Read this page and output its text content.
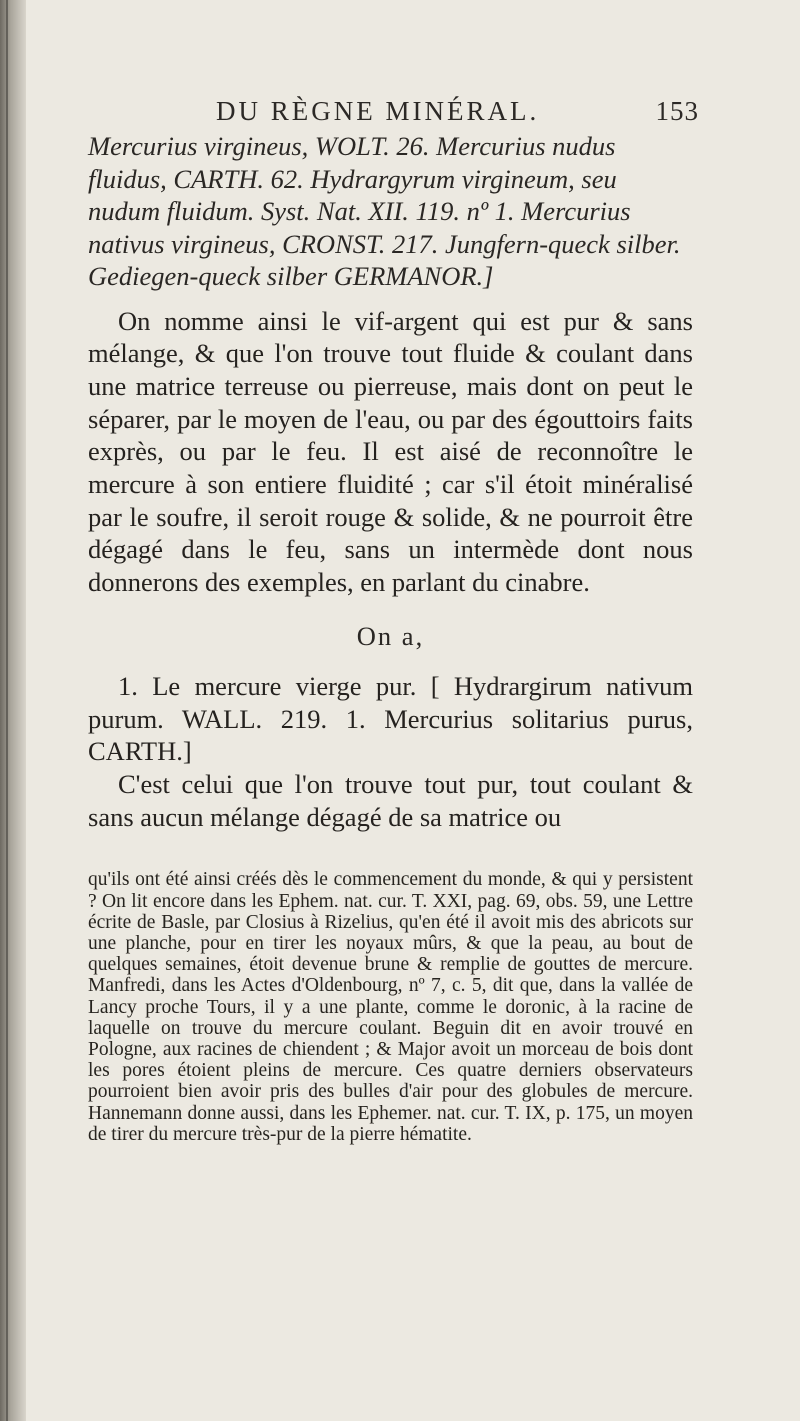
DU RÈGNE MINÉRAL.	153

Mercurius virgineus, WOLT. 26. Mercurius nudus fluidus, CARTH. 62. Hydrargyrum virgineum, seu nudum fluidum. Syst. Nat. XII. 119. nº 1. Mercurius nativus virgineus, CRONST. 217. Jungfern-queck silber. Gediegen-queck silber GERMANOR.]

On nomme ainsi le vif-argent qui est pur & sans mélange, & que l'on trouve tout fluide & coulant dans une matrice terreuse ou pierreuse, mais dont on peut le séparer, par le moyen de l'eau, ou par des égouttoirs faits exprès, ou par le feu. Il est aisé de reconnoître le mercure à son entiere fluidité ; car s'il étoit minéralisé par le soufre, il seroit rouge & solide, & ne pourroit être dégagé dans le feu, sans un intermède dont nous donnerons des exemples, en parlant du cinabre.

On a,

1. Le mercure vierge pur. [ Hydrargirum nativum purum. WALL. 219. 1. Mercurius solitarius purus, CARTH.]

C'est celui que l'on trouve tout pur, tout coulant & sans aucun mélange dégagé de sa matrice ou

qu'ils ont été ainsi créés dès le commencement du monde, & qui y persistent ? On lit encore dans les Ephem. nat. cur. T. XXI, pag. 69, obs. 59, une Lettre écrite de Basle, par Closius à Rizelius, qu'en été il avoit mis des abricots sur une planche, pour en tirer les noyaux mûrs, & que la peau, au bout de quelques semaines, étoit devenue brune & remplie de gouttes de mercure. Manfredi, dans les Actes d'Oldenbourg, nº 7, c. 5, dit que, dans la vallée de Lancy proche Tours, il y a une plante, comme le doronic, à la racine de laquelle on trouve du mercure coulant. Beguin dit en avoir trouvé en Pologne, aux racines de chiendent ; & Major avoit un morceau de bois dont les pores étoient pleins de mercure. Ces quatre derniers observateurs pourroient bien avoir pris des bulles d'air pour des globules de mercure. Hannemann donne aussi, dans les Ephemer. nat. cur. T. IX, p. 175, un moyen de tirer du mercure très-pur de la pierre hématite.
